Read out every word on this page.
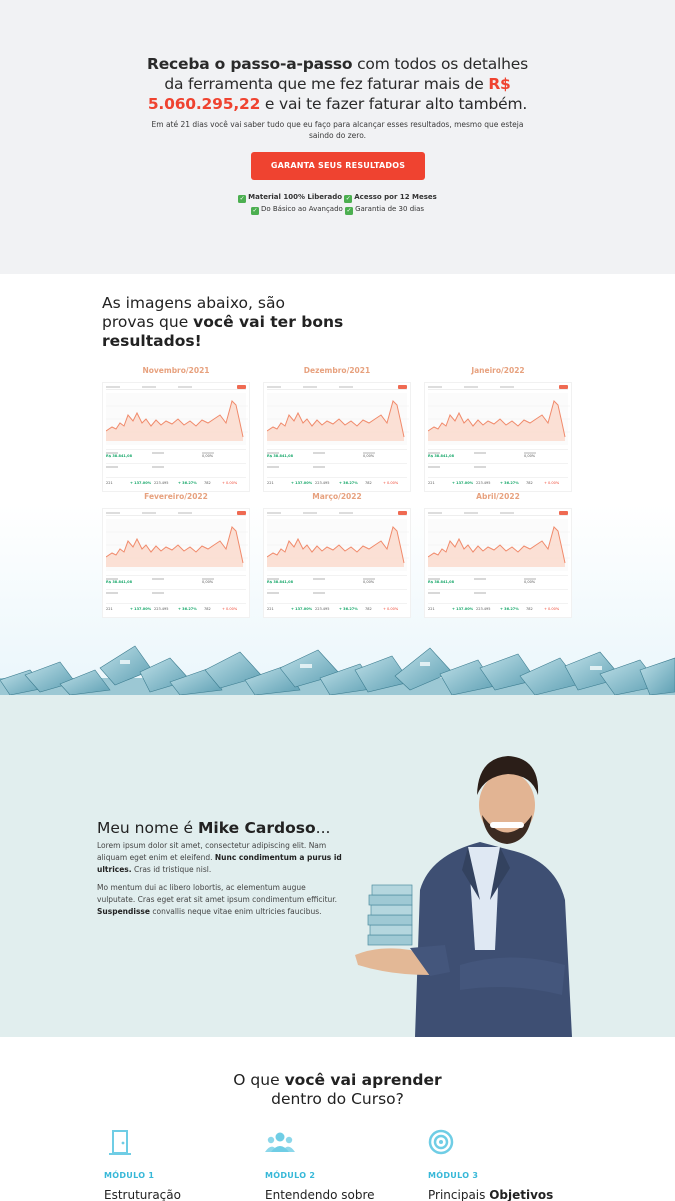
Receba o passo-a-passo com todos os detalhes
da ferramenta que me fez faturar mais de R$
5.060.295,22 e vai te fazer faturar alto também.
Em até 21 dias você vai saber tudo que eu faço para alcançar esses resultados, mesmo que esteja saindo do zero.
GARANTA SEUS RESULTADOS
✓ Material 100% Liberado ✓ Acesso por 12 Meses
✓ Do Básico ao Avançado ✓ Garantia de 30 dias
As imagens abaixo, são
provas que você vai ter bons
resultados!
Novembro/2021
R$ 38.841,08	0,00%
221	+ 137.00% 223.495	+ 36.27% 782	+ 0.00%
Dezembro/2021
R$ 38.841,08	0,00%
221	+ 137.00% 223.495	+ 36.27% 782	+ 0.00%
Janeiro/2022
R$ 38.841,08	0,00%
221	+ 137.00% 223.495	+ 36.27% 782	+ 0.00%
Fevereiro/2022
R$ 38.841,08	0,00%
221	+ 137.00% 223.495	+ 36.27% 782	+ 0.00%
Março/2022
R$ 38.841,08	0,00%
221	+ 137.00% 223.495	+ 36.27% 782	+ 0.00%
Abril/2022
R$ 38.841,08	0,00%
221	+ 137.00% 223.495	+ 36.27% 782	+ 0.00%
Meu nome é Mike Cardoso...
Lorem ipsum dolor sit amet, consectetur adipiscing elit. Nam aliquam eget enim et eleifend. Nunc condimentum a purus id ultrices. Cras id tristique nisl.
Mo mentum dui ac libero lobortis, ac elementum augue vulputate. Cras eget erat sit amet ipsum condimentum efficitur. Suspendisse convallis neque vitae enim ultricies faucibus.
O que você vai aprender
dentro do Curso?
MÓDULO 1
Estruturação
MÓDULO 2
Entendendo sobre
MÓDULO 3
Principais Objetivos
